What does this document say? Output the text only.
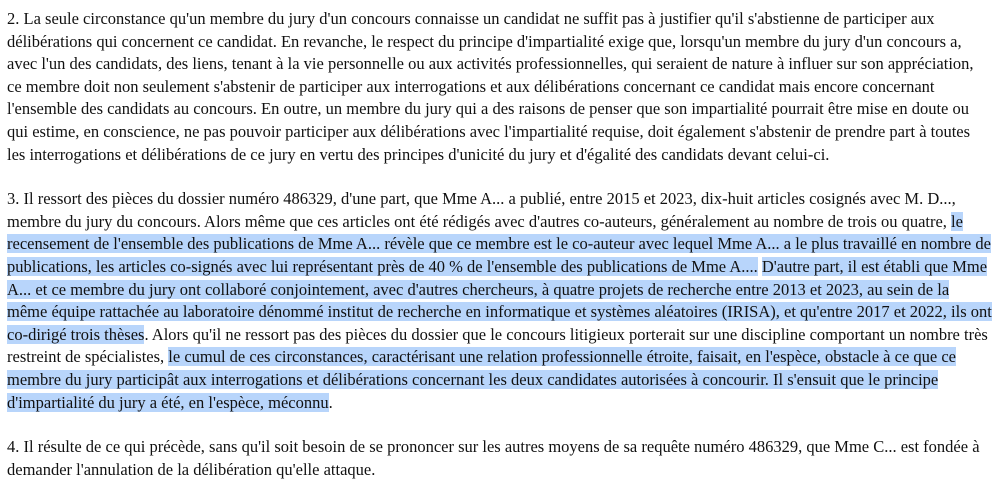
2. La seule circonstance qu'un membre du jury d'un concours connaisse un candidat ne suffit pas à justifier qu'il s'abstienne de participer aux délibérations qui concernent ce candidat. En revanche, le respect du principe d'impartialité exige que, lorsqu'un membre du jury d'un concours a, avec l'un des candidats, des liens, tenant à la vie personnelle ou aux activités professionnelles, qui seraient de nature à influer sur son appréciation, ce membre doit non seulement s'abstenir de participer aux interrogations et aux délibérations concernant ce candidat mais encore concernant l'ensemble des candidats au concours. En outre, un membre du jury qui a des raisons de penser que son impartialité pourrait être mise en doute ou qui estime, en conscience, ne pas pouvoir participer aux délibérations avec l'impartialité requise, doit également s'abstenir de prendre part à toutes les interrogations et délibérations de ce jury en vertu des principes d'unicité du jury et d'égalité des candidats devant celui-ci.

3. Il ressort des pièces du dossier numéro 486329, d'une part, que Mme A... a publié, entre 2015 et 2023, dix-huit articles cosignés avec M. D..., membre du jury du concours. Alors même que ces articles ont été rédigés avec d'autres co-auteurs, généralement au nombre de trois ou quatre, le recensement de l'ensemble des publications de Mme A... révèle que ce membre est le co-auteur avec lequel Mme A... a le plus travaillé en nombre de publications, les articles co-signés avec lui représentant près de 40 % de l'ensemble des publications de Mme A.... D'autre part, il est établi que Mme A... et ce membre du jury ont collaboré conjointement, avec d'autres chercheurs, à quatre projets de recherche entre 2013 et 2023, au sein de la même équipe rattachée au laboratoire dénommé institut de recherche en informatique et systèmes aléatoires (IRISA), et qu'entre 2017 et 2022, ils ont co-dirigé trois thèses. Alors qu'il ne ressort pas des pièces du dossier que le concours litigieux porterait sur une discipline comportant un nombre très restreint de spécialistes, le cumul de ces circonstances, caractérisant une relation professionnelle étroite, faisait, en l'espèce, obstacle à ce que ce membre du jury participât aux interrogations et délibérations concernant les deux candidates autorisées à concourir. Il s'ensuit que le principe d'impartialité du jury a été, en l'espèce, méconnu.

4. Il résulte de ce qui précède, sans qu'il soit besoin de se prononcer sur les autres moyens de sa requête numéro 486329, que Mme C... est fondée à demander l'annulation de la délibération qu'elle attaque.
